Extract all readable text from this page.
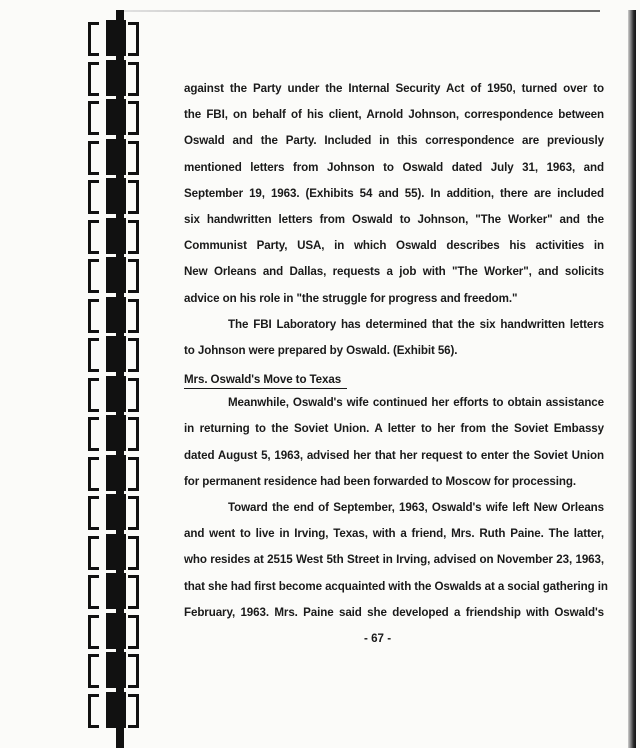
against the Party under the Internal Security Act of 1950, turned over to
the FBI, on behalf of his client, Arnold Johnson, correspondence between
Oswald and the Party. Included in this correspondence are previously
mentioned letters from Johnson to Oswald dated July 31, 1963, and
September 19, 1963. (Exhibits 54 and 55). In addition, there are included
six handwritten letters from Oswald to Johnson, "The Worker" and the
Communist Party, USA, in which Oswald describes his activities in
New Orleans and Dallas, requests a job with "The Worker", and solicits
advice on his role in "the struggle for progress and freedom."
The FBI Laboratory has determined that the six handwritten letters
to Johnson were prepared by Oswald. (Exhibit 56).
Mrs. Oswald's Move to Texas
Meanwhile, Oswald's wife continued her efforts to obtain assistance
in returning to the Soviet Union. A letter to her from the Soviet Embassy
dated August 5, 1963, advised her that her request to enter the Soviet Union
for permanent residence had been forwarded to Moscow for processing.
Toward the end of September, 1963, Oswald's wife left New Orleans
and went to live in Irving, Texas, with a friend, Mrs. Ruth Paine. The latter,
who resides at 2515 West 5th Street in Irving, advised on November 23, 1963,
that she had first become acquainted with the Oswalds at a social gathering in
February, 1963. Mrs. Paine said she developed a friendship with Oswald's
- 67 -
